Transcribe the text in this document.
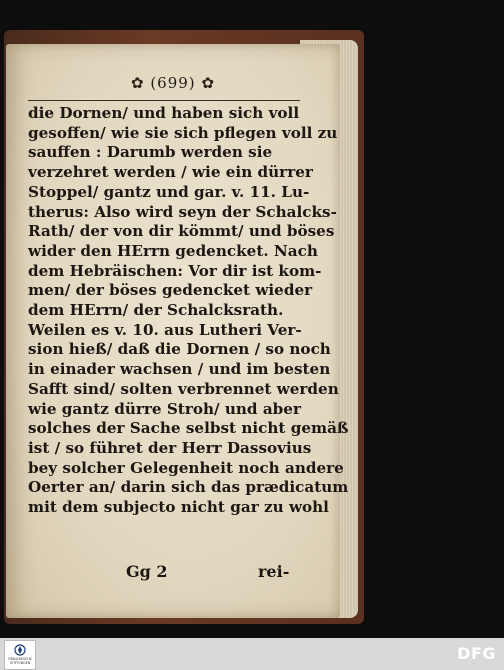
✿ (699) ✿
die Dornen/ und haben sich voll
gesoffen/ wie sie sich pflegen voll zu
sauffen : Darumb werden sie
verzehret werden / wie ein dürrer
Stoppel/ gantz und gar. v. 11. Lu-
therus: Also wird seyn der Schalcks-
Rath/ der von dir kömmt/ und böses
wider den HErrn gedencket. Nach
dem Hebräischen: Vor dir ist kom-
men/ der böses gedencket wieder
dem HErrn/ der Schalcksrath.
Weilen es v. 10. aus Lutheri Ver-
sion hieß/ daß die Dornen / so noch
in einader wachsen / und im besten
Safft sind/ solten verbrennet werden
wie gantz dürre Stroh/ und aber
solches der Sache selbst nicht gemäß
ist / so führet der Herr Dassovius
bey solcher Gelegenheit noch andere
Oerter an/ darin sich das prædicatum
mit dem subjecto nicht gar zu wohl
Gg 2	rei-
FRANCKESCHE STIFTUNGEN	DFG
